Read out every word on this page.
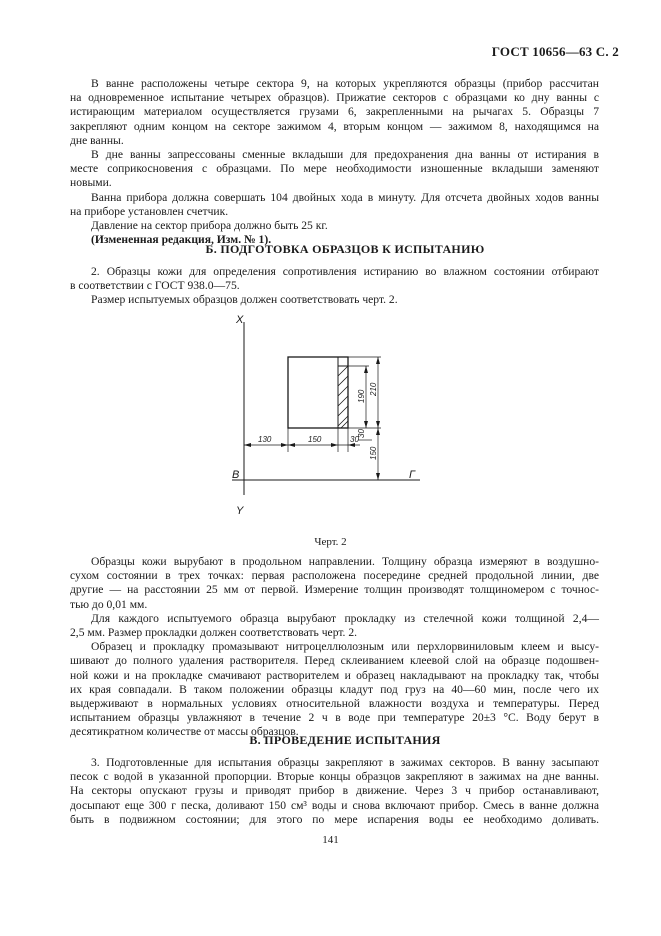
ГОСТ 10656—63 С. 2
В ванне расположены четыре сектора 9, на которых укрепляются образцы (прибор рассчитан
на одновременное испытание четырех образцов). Прижатие секторов с образцами ко дну ванны с
истирающим материалом осуществляется грузами 6, закрепленными на рычагах 5. Образцы 7
закрепляют одним концом на секторе зажимом 4, вторым концом — зажимом 8, находящимся на
дне ванны.
В дне ванны запрессованы сменные вкладыши для предохранения дна ванны от истирания в
месте соприкосновения с образцами. По мере необходимости изношенные вкладыши заменяют
новыми.
Ванна прибора должна совершать 104 двойных хода в минуту. Для отсчета двойных ходов ванны
на приборе установлен счетчик.
Давление на сектор прибора должно быть 25 кг.
(Измененная редакция, Изм. № 1).
Б. ПОДГОТОВКА ОБРАЗЦОВ К ИСПЫТАНИЮ
2. Образцы кожи для определения сопротивления истиранию во влажном состоянии отбирают
в соответствии с ГОСТ 938.0—75.
Размер испытуемых образцов должен соответствовать черт. 2.
X
Y
В	Г
130	150	30
190
210
30
150
Черт. 2
Образцы кожи вырубают в продольном направлении. Толщину образца измеряют в воздушно-
сухом состоянии в трех точках: первая расположена посередине средней продольной линии, две
другие — на расстоянии 25 мм от первой. Измерение толщин производят толщиномером с точнос-
тью до 0,01 мм.
Для каждого испытуемого образца вырубают прокладку из стелечной кожи толщиной 2,4—
2,5 мм. Размер прокладки должен соответствовать черт. 2.
Образец и прокладку промазывают нитроцеллюлозным или перхлорвиниловым клеем и высу-
шивают до полного удаления растворителя. Перед склеиванием клеевой слой на образце подошвен-
ной кожи и на прокладке смачивают растворителем и образец накладывают на прокладку так, чтобы
их края совпадали. В таком положении образцы кладут под груз на 40—60 мин, после чего их
выдерживают в нормальных условиях относительной влажности воздуха и температуры. Перед
испытанием образцы увлажняют в течение 2 ч в воде при температуре 20±3 °С. Воду берут в
десятикратном количестве от массы образцов.
В. ПРОВЕДЕНИЕ ИСПЫТАНИЯ
3. Подготовленные для испытания образцы закрепляют в зажимах секторов. В ванну засыпают
песок с водой в указанной пропорции. Вторые концы образцов закрепляют в зажимах на дне ванны.
На секторы опускают грузы и приводят прибор в движение. Через 3 ч прибор останавливают,
досыпают еще 300 г песка, доливают 150 см³ воды и снова включают прибор. Смесь в ванне должна
быть в подвижном состоянии; для этого по мере испарения воды ее необходимо доливать.
141
